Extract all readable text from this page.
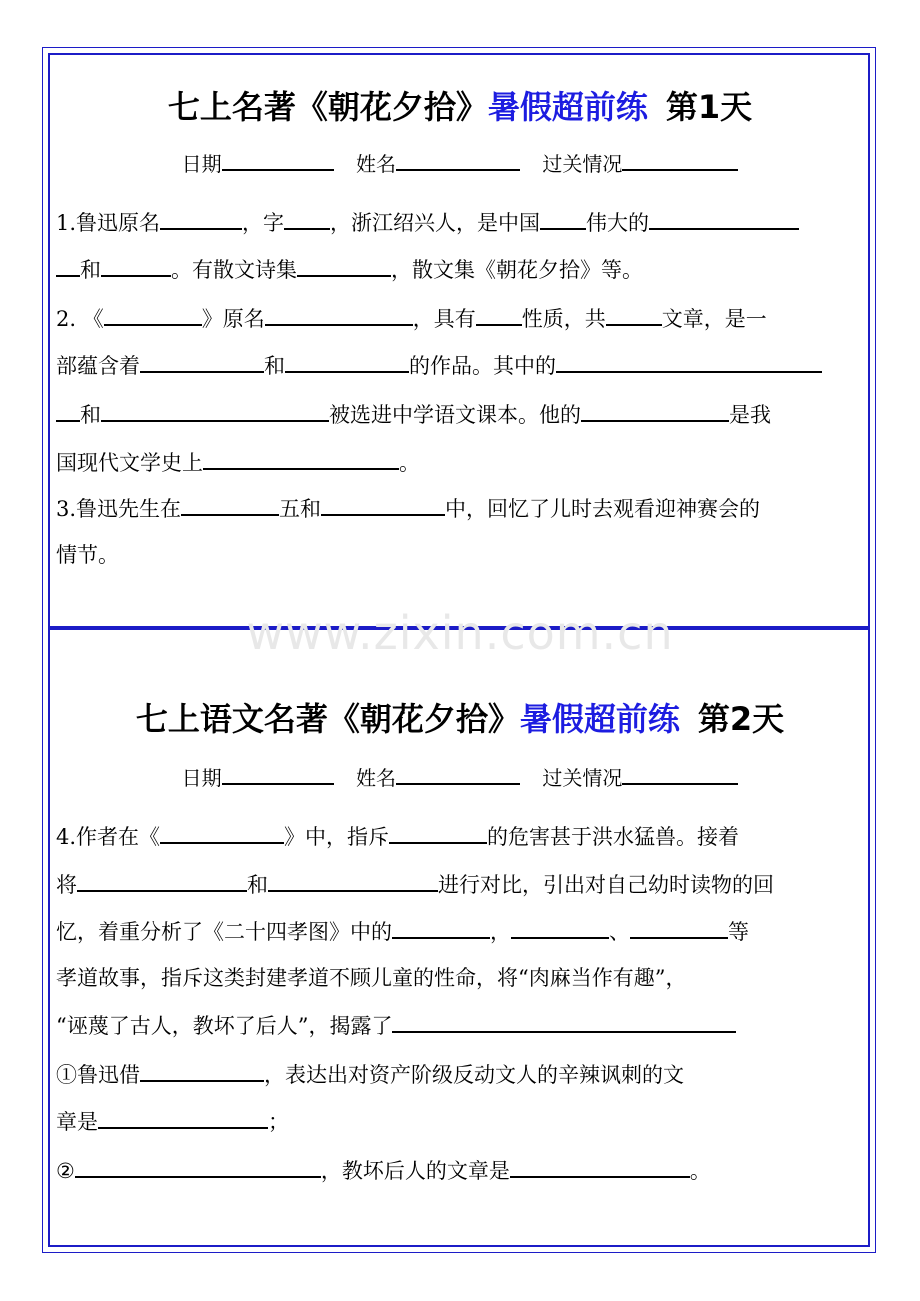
七上名著《朝花夕拾》暑假超前练 第1天
日期	姓名	过关情况
1.鲁迅原名	，字 ，浙江绍兴人，是中国 伟大的
和	。有散文诗集	，散文集《朝花夕拾》等。
2. 《	》原名	，具有 性质，共	文章，是一
部蕴含着	和	的作品。其中的
和	被选进中学语文课本。他的	是我
国现代文学史上	。
3.鲁迅先生在	五和	中，回忆了儿时去观看迎神赛会的
情节。
www.zixin.com.cn
七上语文名著《朝花夕拾》暑假超前练 第2天
日期	姓名	过关情况
4.作者在《	》中，指斥	的危害甚于洪水猛兽。接着
将	和	进行对比，引出对自己幼时读物的回
忆，着重分析了《二十四孝图》中的	，	、	等
孝道故事，指斥这类封建孝道不顾儿童的性命，将“肉麻当作有趣”，
“诬蔑了古人，教坏了后人”，揭露了
①鲁迅借	，表达出对资产阶级反动文人的辛辣讽刺的文
章是	；
②	，教坏后人的文章是	。
